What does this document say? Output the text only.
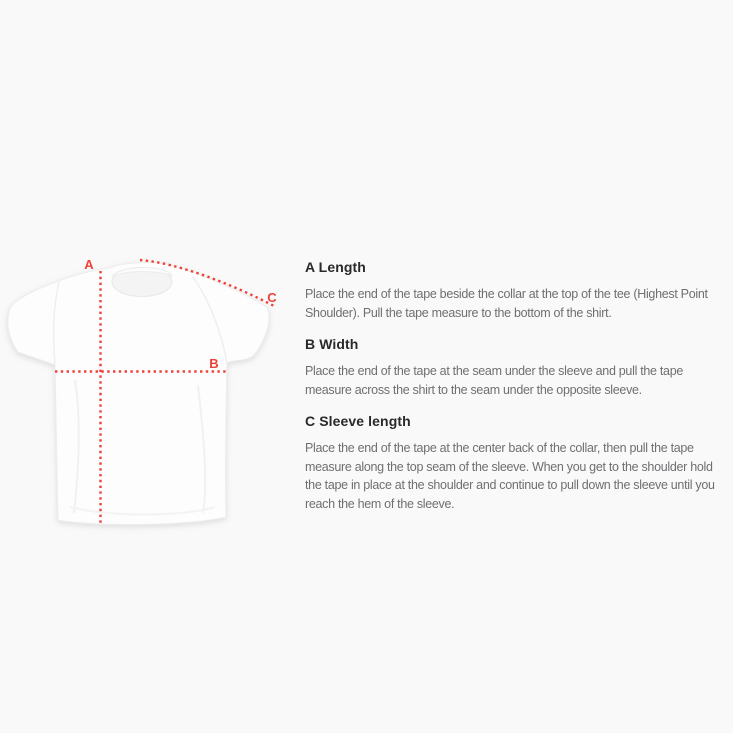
A
B
C
A Length

Place the end of the tape beside the collar at the top of the tee (Highest Point Shoulder). Pull the tape measure to the bottom of the shirt.

B Width

Place the end of the tape at the seam under the sleeve and pull the tape measure across the shirt to the seam under the opposite sleeve.

C Sleeve length

Place the end of the tape at the center back of the collar, then pull the tape measure along the top seam of the sleeve. When you get to the shoulder hold the tape in place at the shoulder and continue to pull down the sleeve until you reach the hem of the sleeve.
